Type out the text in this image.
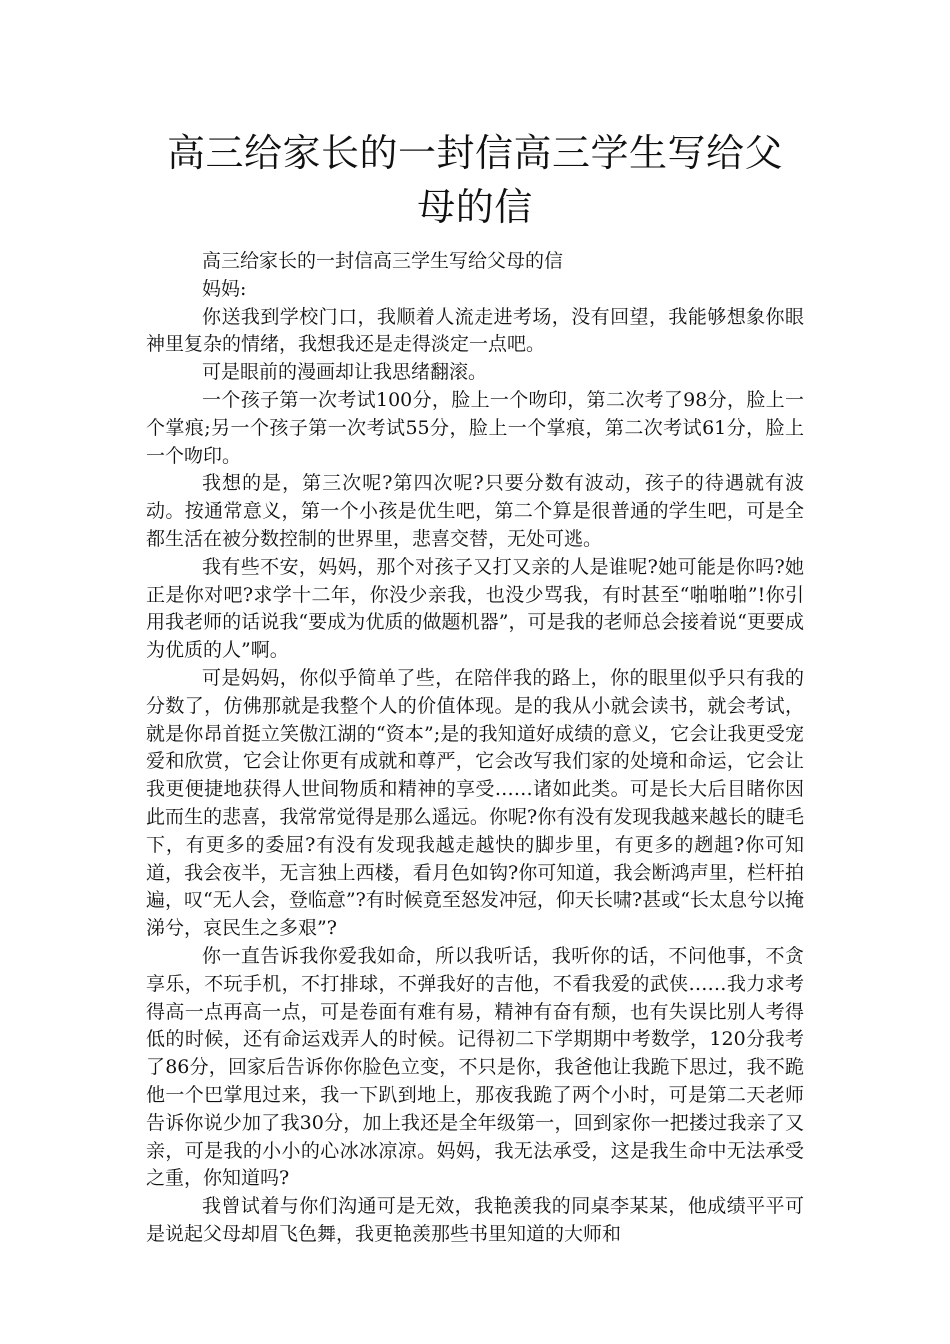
高三给家长的一封信高三学生写给父母的信

高三给家长的一封信高三学生写给父母的信

妈妈:

你送我到学校门口，我顺着人流走进考场，没有回望，我能够想象你眼神里复杂的情绪，我想我还是走得淡定一点吧。

可是眼前的漫画却让我思绪翻滚。

一个孩子第一次考试100分，脸上一个吻印，第二次考了98分，脸上一个掌痕;另一个孩子第一次考试55分，脸上一个掌痕，第二次考试61分，脸上一个吻印。

我想的是，第三次呢?第四次呢?只要分数有波动，孩子的待遇就有波动。按通常意义，第一个小孩是优生吧，第二个算是很普通的学生吧，可是全都生活在被分数控制的世界里，悲喜交替，无处可逃。

我有些不安，妈妈，那个对孩子又打又亲的人是谁呢?她可能是你吗?她正是你对吧?求学十二年，你没少亲我，也没少骂我，有时甚至“啪啪啪”!你引用我老师的话说我“要成为优质的做题机器”，可是我的老师总会接着说“更要成为优质的人”啊。

可是妈妈，你似乎简单了些，在陪伴我的路上，你的眼里似乎只有我的分数了，仿佛那就是我整个人的价值体现。是的我从小就会读书，就会考试，就是你昂首挺立笑傲江湖的“资本”;是的我知道好成绩的意义，它会让我更受宠爱和欣赏，它会让你更有成就和尊严，它会改写我们家的处境和命运，它会让我更便捷地获得人世间物质和精神的享受……诸如此类。可是长大后目睹你因此而生的悲喜，我常常觉得是那么遥远。你呢?你有没有发现我越来越长的睫毛下，有更多的委屈?有没有发现我越走越快的脚步里，有更多的趔趄?你可知道，我会夜半，无言独上西楼，看月色如钩?你可知道，我会断鸿声里，栏杆拍遍，叹“无人会，登临意”?有时候竟至怒发冲冠，仰天长啸?甚或“长太息兮以掩涕兮，哀民生之多艰”?

你一直告诉我你爱我如命，所以我听话，我听你的话，不问他事，不贪享乐，不玩手机，不打排球，不弹我好的吉他，不看我爱的武侠……我力求考得高一点再高一点，可是卷面有难有易，精神有奋有颓，也有失误比别人考得低的时候，还有命运戏弄人的时候。记得初二下学期期中考数学，120分我考了86分，回家后告诉你你脸色立变，不只是你，我爸他让我跪下思过，我不跪他一个巴掌甩过来，我一下趴到地上，那夜我跪了两个小时，可是第二天老师告诉你说少加了我30分，加上我还是全年级第一，回到家你一把搂过我亲了又亲，可是我的小小的心冰冰凉凉。妈妈，我无法承受，这是我生命中无法承受之重，你知道吗?

我曾试着与你们沟通可是无效，我艳羡我的同桌李某某，他成绩平平可是说起父母却眉飞色舞，我更艳羡那些书里知道的大师和
